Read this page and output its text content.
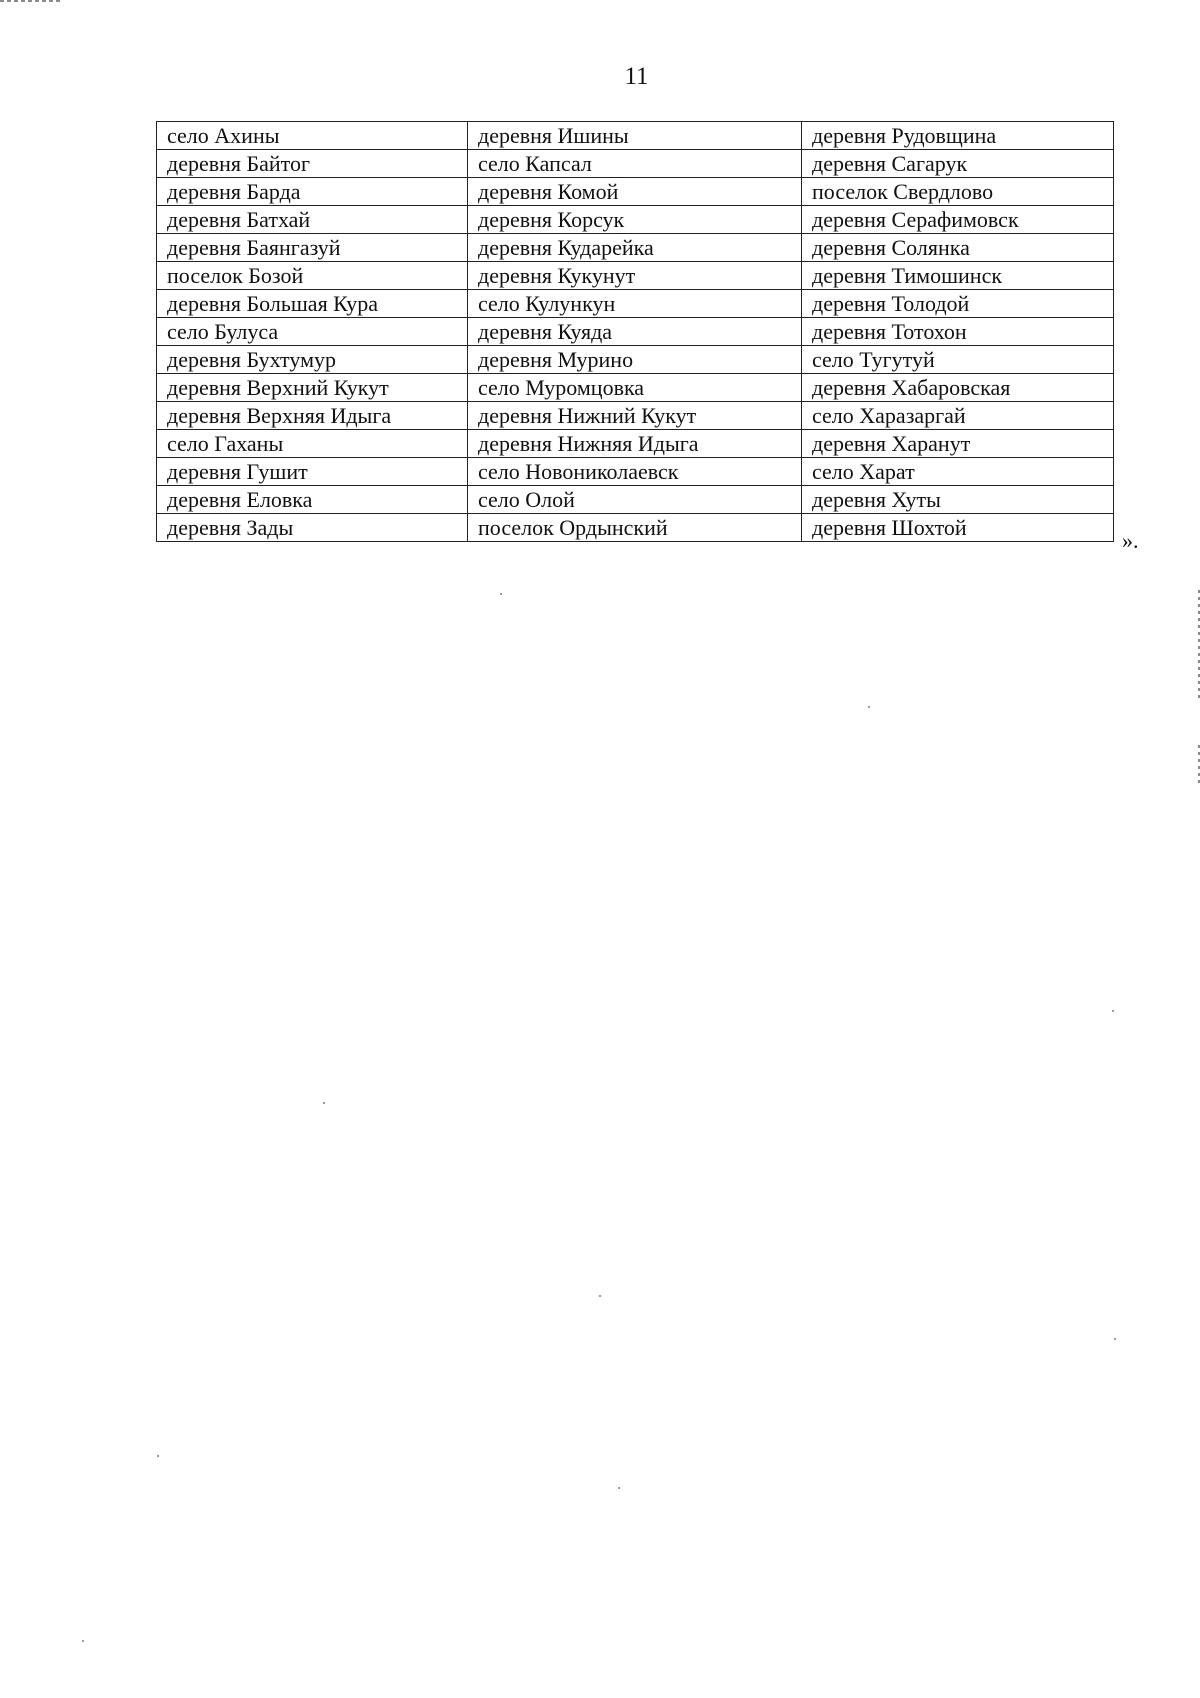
11
село Ахины	деревня Ишины	деревня Рудовщина
деревня Байтог	село Капсал	деревня Сагарук
деревня Барда	деревня Комой	поселок Свердлово
деревня Батхай	деревня Корсук	деревня Серафимовск
деревня Баянгазуй	деревня Кударейка	деревня Солянка
поселок Бозой	деревня Кукунут	деревня Тимошинск
деревня Большая Кура	село Кулункун	деревня Толодой
село Булуса	деревня Куяда	деревня Тотохон
деревня Бухтумур	деревня Мурино	село Тугутуй
деревня Верхний Кукут	село Муромцовка	деревня Хабаровская
деревня Верхняя Идыга	деревня Нижний Кукут	село Харазаргай
село Гаханы	деревня Нижняя Идыга	деревня Харанут
деревня Гушит	село Новониколаевск	село Харат
деревня Еловка	село Олой	деревня Хуты
деревня Зады	поселок Ордынский	деревня Шохтой
».
